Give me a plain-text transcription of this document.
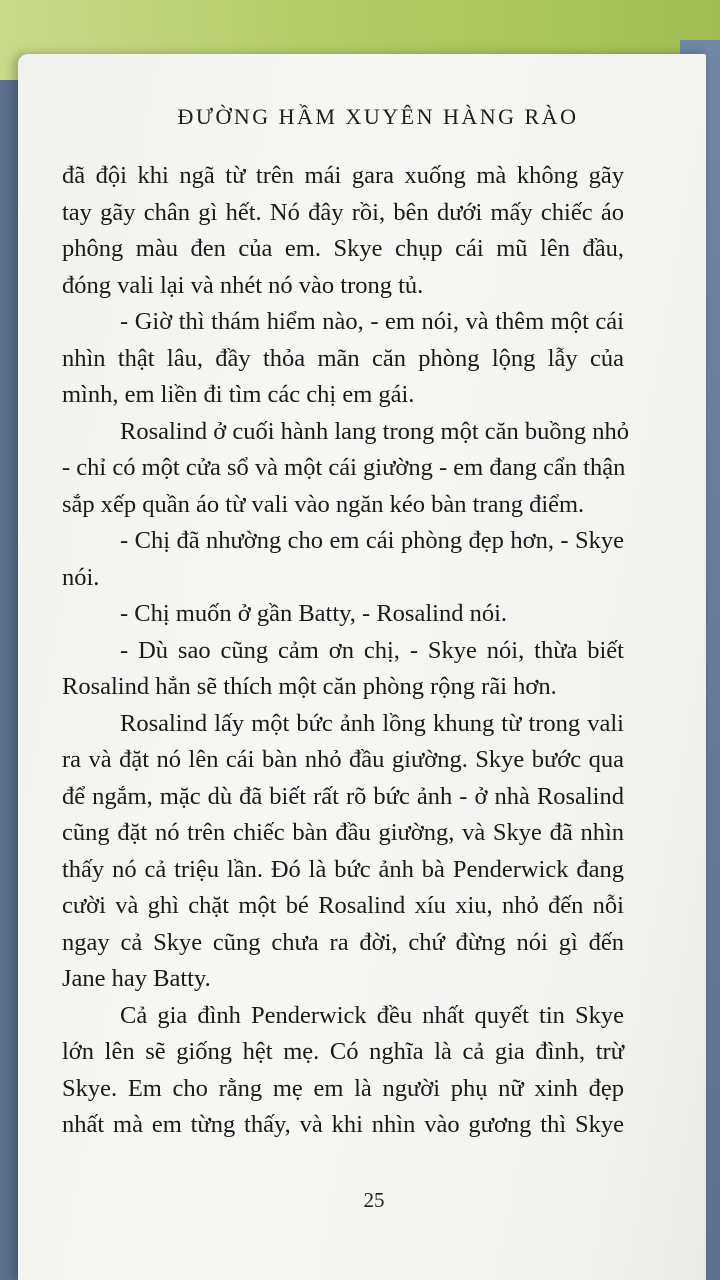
ĐƯỜNG HẦM XUYÊN HÀNG RÀO
đã đội khi ngã từ trên mái gara xuống mà không gãy
tay gãy chân gì hết. Nó đây rồi, bên dưới mấy chiếc áo
phông màu đen của em. Skye chụp cái mũ lên đầu,
đóng vali lại và nhét nó vào trong tủ.
- Giờ thì thám hiểm nào, - em nói, và thêm một cái
nhìn thật lâu, đầy thỏa mãn căn phòng lộng lẫy của
mình, em liền đi tìm các chị em gái.
Rosalind ở cuối hành lang trong một căn buồng nhỏ
- chỉ có một cửa sổ và một cái giường - em đang cẩn thận
sắp xếp quần áo từ vali vào ngăn kéo bàn trang điểm.
- Chị đã nhường cho em cái phòng đẹp hơn, - Skye
nói.
- Chị muốn ở gần Batty, - Rosalind nói.
- Dù sao cũng cảm ơn chị, - Skye nói, thừa biết
Rosalind hẳn sẽ thích một căn phòng rộng rãi hơn.
Rosalind lấy một bức ảnh lồng khung từ trong vali
ra và đặt nó lên cái bàn nhỏ đầu giường. Skye bước qua
để ngắm, mặc dù đã biết rất rõ bức ảnh - ở nhà Rosalind
cũng đặt nó trên chiếc bàn đầu giường, và Skye đã nhìn
thấy nó cả triệu lần. Đó là bức ảnh bà Penderwick đang
cười và ghì chặt một bé Rosalind xíu xiu, nhỏ đến nỗi
ngay cả Skye cũng chưa ra đời, chứ đừng nói gì đến
Jane hay Batty.
Cả gia đình Penderwick đều nhất quyết tin Skye
lớn lên sẽ giống hệt mẹ. Có nghĩa là cả gia đình, trừ
Skye. Em cho rằng mẹ em là người phụ nữ xinh đẹp
nhất mà em từng thấy, và khi nhìn vào gương thì Skye
25
